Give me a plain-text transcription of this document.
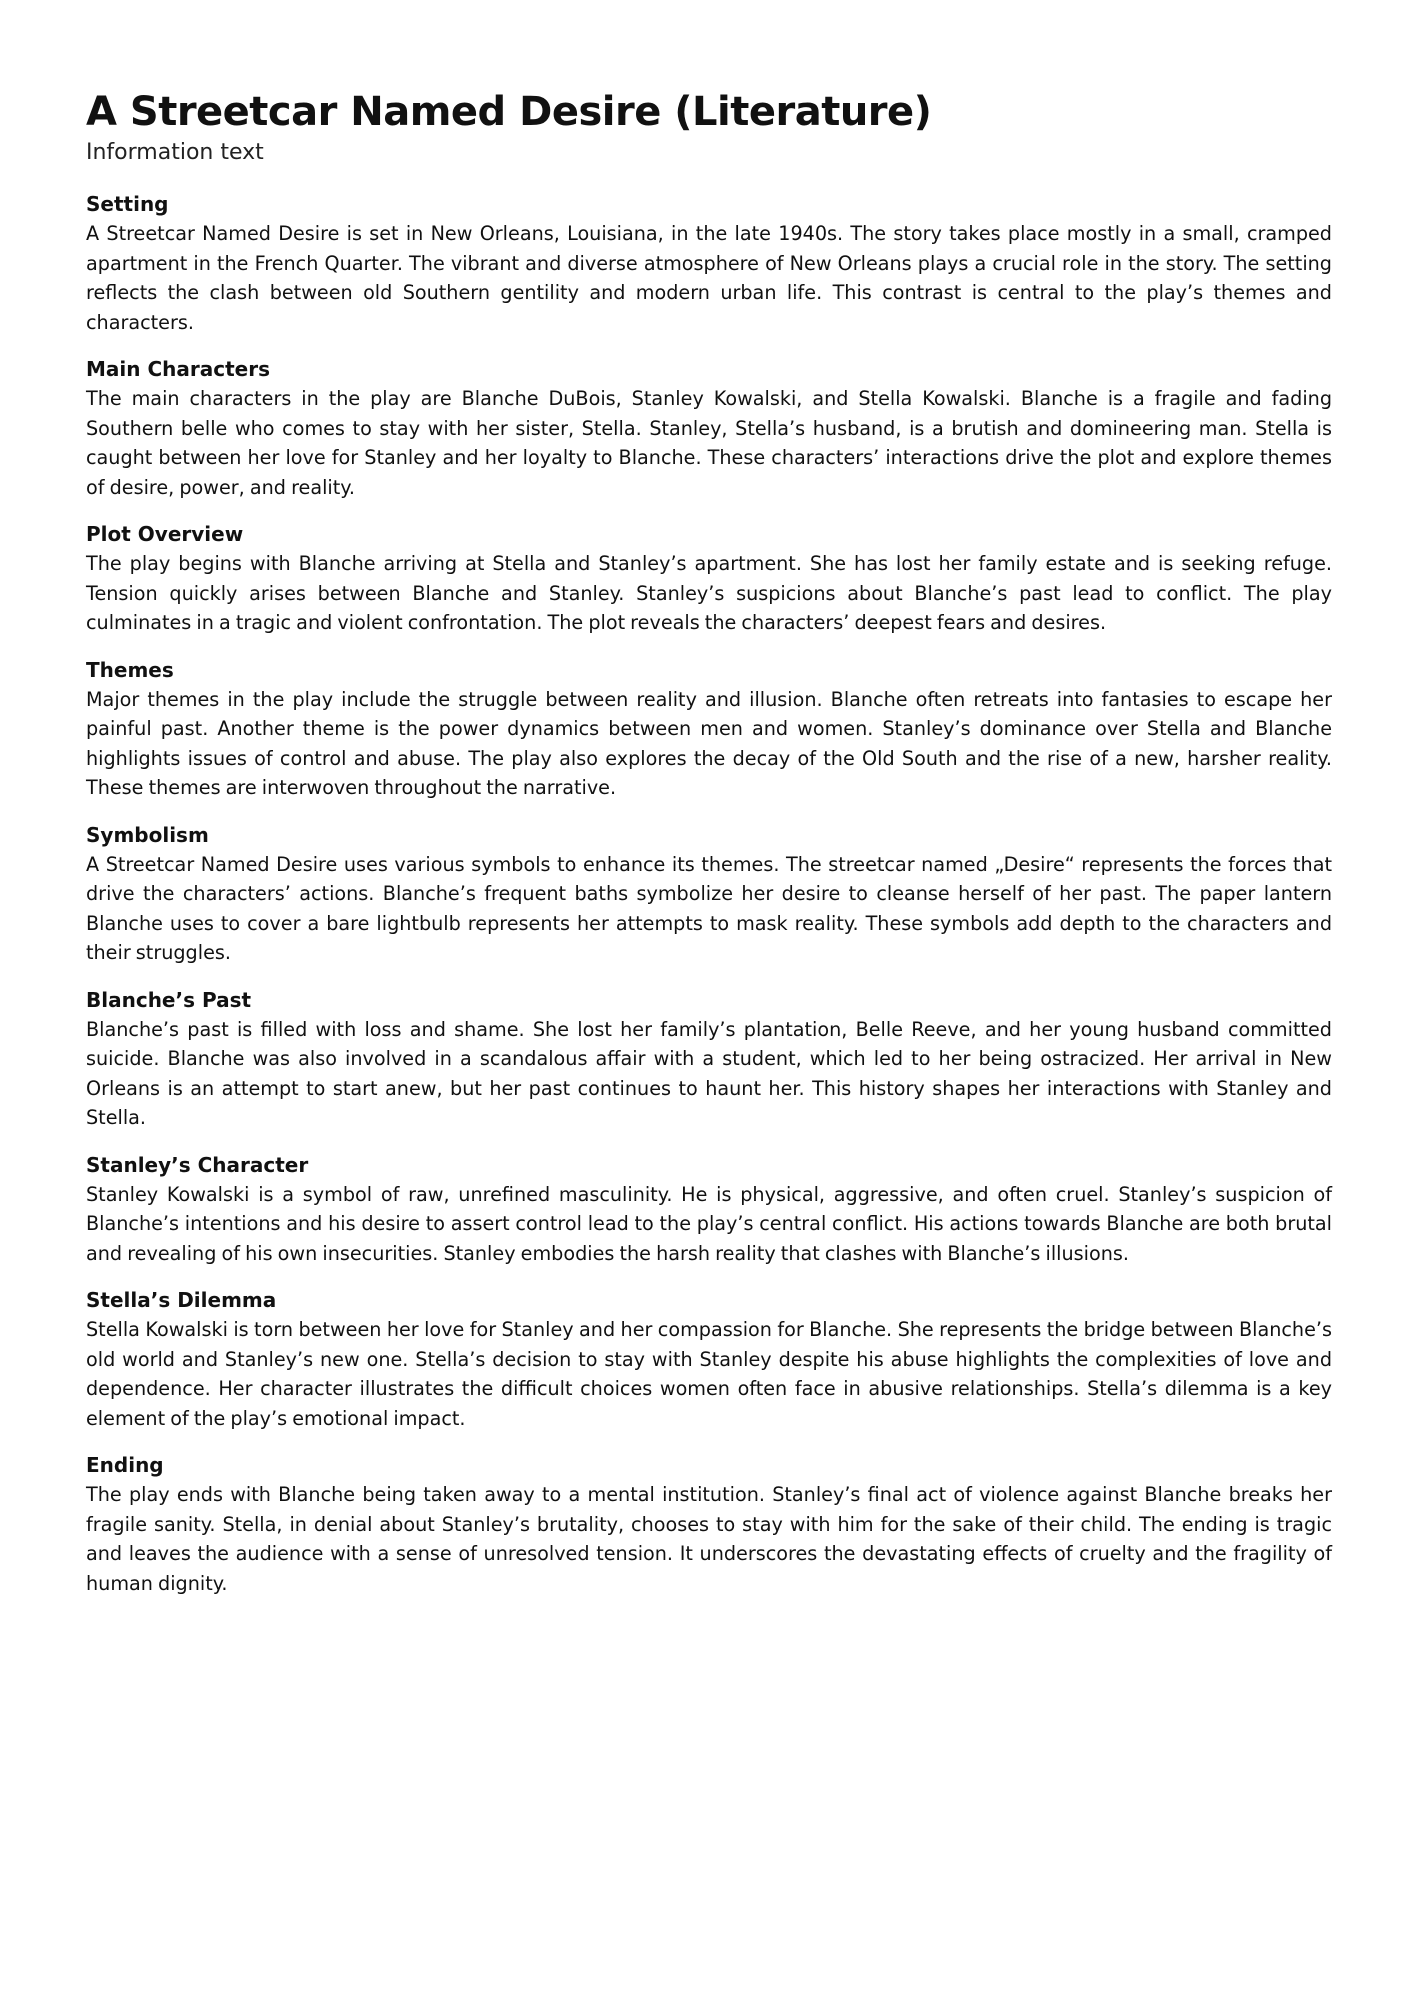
A Streetcar Named Desire (Literature)
Information text
Setting

A Streetcar Named Desire is set in New Orleans, Louisiana, in the late 1940s. The story takes place mostly in a small, cramped apartment in the French Quarter. The vibrant and diverse atmosphere of New Orleans plays a crucial role in the story. The setting reflects the clash between old Southern gentility and modern urban life. This contrast is central to the play’s themes and characters.

Main Characters

The main characters in the play are Blanche DuBois, Stanley Kowalski, and Stella Kowalski. Blanche is a fragile and fading Southern belle who comes to stay with her sister, Stella. Stanley, Stella’s husband, is a brutish and domineering man. Stella is caught between her love for Stanley and her loyalty to Blanche. These characters’ interactions drive the plot and explore themes of desire, power, and reality.

Plot Overview

The play begins with Blanche arriving at Stella and Stanley’s apartment. She has lost her family estate and is seeking refuge. Tension quickly arises between Blanche and Stanley. Stanley’s suspicions about Blanche’s past lead to conflict. The play culminates in a tragic and violent confrontation. The plot reveals the characters’ deepest fears and desires.

Themes

Major themes in the play include the struggle between reality and illusion. Blanche often retreats into fantasies to escape her painful past. Another theme is the power dynamics between men and women. Stanley’s dominance over Stella and Blanche highlights issues of control and abuse. The play also explores the decay of the Old South and the rise of a new, harsher reality. These themes are interwoven throughout the narrative.

Symbolism

A Streetcar Named Desire uses various symbols to enhance its themes. The streetcar named „Desire“ represents the forces that drive the characters’ actions. Blanche’s frequent baths symbolize her desire to cleanse herself of her past. The paper lantern Blanche uses to cover a bare lightbulb represents her attempts to mask reality. These symbols add depth to the characters and their struggles.

Blanche’s Past

Blanche’s past is filled with loss and shame. She lost her family’s plantation, Belle Reeve, and her young husband committed suicide. Blanche was also involved in a scandalous affair with a student, which led to her being ostracized. Her arrival in New Orleans is an attempt to start anew, but her past continues to haunt her. This history shapes her interactions with Stanley and Stella.

Stanley’s Character

Stanley Kowalski is a symbol of raw, unrefined masculinity. He is physical, aggressive, and often cruel. Stanley’s suspicion of Blanche’s intentions and his desire to assert control lead to the play’s central conflict. His actions towards Blanche are both brutal and revealing of his own insecurities. Stanley embodies the harsh reality that clashes with Blanche’s illusions.

Stella’s Dilemma

Stella Kowalski is torn between her love for Stanley and her compassion for Blanche. She represents the bridge between Blanche’s old world and Stanley’s new one. Stella’s decision to stay with Stanley despite his abuse highlights the complexities of love and dependence. Her character illustrates the difficult choices women often face in abusive relationships. Stella’s dilemma is a key element of the play’s emotional impact.

Ending

The play ends with Blanche being taken away to a mental institution. Stanley’s final act of violence against Blanche breaks her fragile sanity. Stella, in denial about Stanley’s brutality, chooses to stay with him for the sake of their child. The ending is tragic and leaves the audience with a sense of unresolved tension. It underscores the devastating effects of cruelty and the fragility of human dignity.
